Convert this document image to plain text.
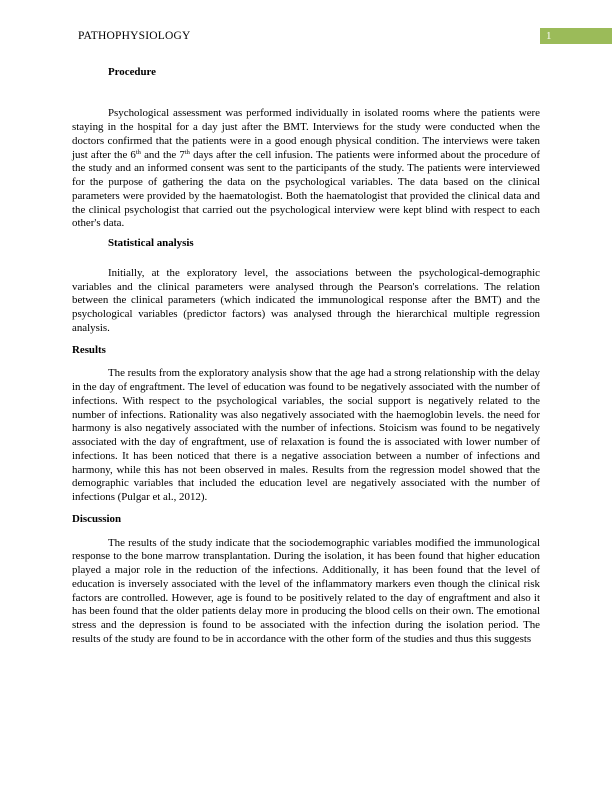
PATHOPHYSIOLOGY	1
Procedure

Psychological assessment was performed individually in isolated rooms where the patients were staying in the hospital for a day just after the BMT. Interviews for the study were conducted when the doctors confirmed that the patients were in a good enough physical condition. The interviews were taken just after the 6th and the 7th days after the cell infusion. The patients were informed about the procedure of the study and an informed consent was sent to the participants of the study. The patients were interviewed for the purpose of gathering the data on the psychological variables. The data based on the clinical parameters were provided by the haematologist. Both the haematologist that provided the clinical data and the clinical psychologist that carried out the psychological interview were kept blind with respect to each other's data.

Statistical analysis

Initially, at the exploratory level, the associations between the psychological-demographic variables and the clinical parameters were analysed through the Pearson's correlations. The relation between the clinical parameters (which indicated the immunological response after the BMT) and the psychological variables (predictor factors) was analysed through the hierarchical multiple regression analysis.

Results

The results from the exploratory analysis show that the age had a strong relationship with the delay in the day of engraftment. The level of education was found to be negatively associated with the number of infections. With respect to the psychological variables, the social support is negatively related to the number of infections. Rationality was also negatively associated with the haemoglobin levels. the need for harmony is also negatively associated with the number of infections. Stoicism was found to be negatively associated with the day of engraftment, use of relaxation is found the is associated with lower number of infections. It has been noticed that there is a negative association between a number of infections and harmony, while this has not been observed in males. Results from the regression model showed that the demographic variables that included the education level are negatively associated with the number of infections (Pulgar et al., 2012).

Discussion

The results of the study indicate that the sociodemographic variables modified the immunological response to the bone marrow transplantation. During the isolation, it has been found that higher education played a major role in the reduction of the infections. Additionally, it has been found that the level of education is inversely associated with the level of the inflammatory markers even though the clinical risk factors are controlled. However, age is found to be positively related to the day of engraftment and also it has been found that the older patients delay more in producing the blood cells on their own. The emotional stress and the depression is found to be associated with the infection during the isolation period. The results of the study are found to be in accordance with the other form of the studies and thus this suggests
